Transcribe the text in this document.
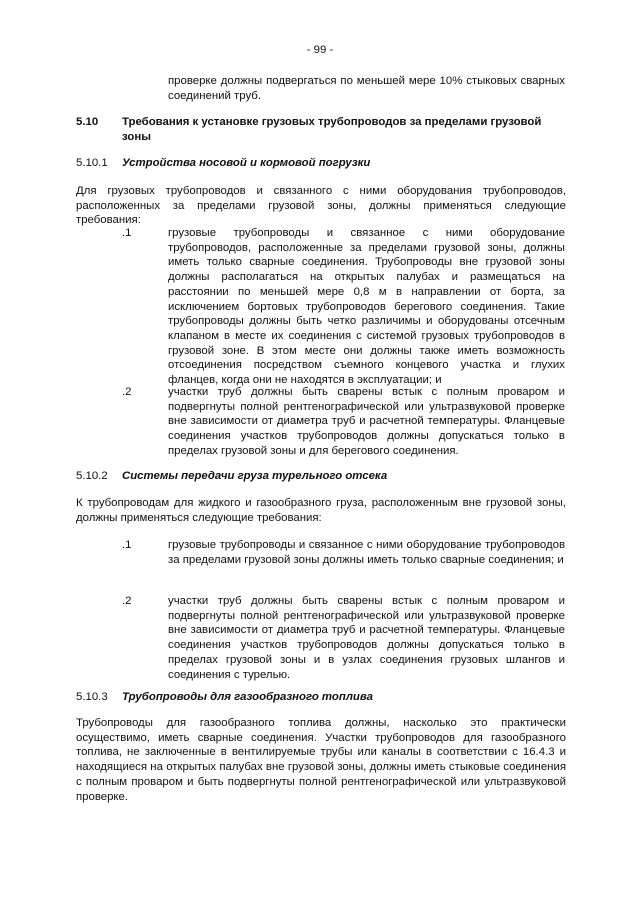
- 99 -
проверке должны подвергаться по меньшей мере 10% стыковых сварных соединений труб.
5.10 Требования к установке грузовых трубопроводов за пределами грузовой зоны
5.10.1 Устройства носовой и кормовой погрузки
Для грузовых трубопроводов и связанного с ними оборудования трубопроводов, расположенных за пределами грузовой зоны, должны применяться следующие требования:
.1	грузовые трубопроводы и связанное с ними оборудование трубопроводов, расположенные за пределами грузовой зоны, должны иметь только сварные соединения. Трубопроводы вне грузовой зоны должны располагаться на открытых палубах и размещаться на расстоянии по меньшей мере 0,8 м в направлении от борта, за исключением бортовых трубопроводов берегового соединения. Такие трубопроводы должны быть четко различимы и оборудованы отсечным клапаном в месте их соединения с системой грузовых трубопроводов в грузовой зоне. В этом месте они должны также иметь возможность отсоединения посредством съемного концевого участка и глухих фланцев, когда они не находятся в эксплуатации; и
.2	участки труб должны быть сварены встык с полным проваром и подвергнуты полной рентгенографической или ультразвуковой проверке вне зависимости от диаметра труб и расчетной температуры. Фланцевые соединения участков трубопроводов должны допускаться только в пределах грузовой зоны и для берегового соединения.
5.10.2 Системы передачи груза турельного отсека
К трубопроводам для жидкого и газообразного груза, расположенным вне грузовой зоны, должны применяться следующие требования:
.1	грузовые трубопроводы и связанное с ними оборудование трубопроводов за пределами грузовой зоны должны иметь только сварные соединения; и
.2	участки труб должны быть сварены встык с полным проваром и подвергнуты полной рентгенографической или ультразвуковой проверке вне зависимости от диаметра труб и расчетной температуры. Фланцевые соединения участков трубопроводов должны допускаться только в пределах грузовой зоны и в узлах соединения грузовых шлангов и соединения с турелью.
5.10.3 Трубопроводы для газообразного топлива
Трубопроводы для газообразного топлива должны, насколько это практически осуществимо, иметь сварные соединения. Участки трубопроводов для газообразного топлива, не заключенные в вентилируемые трубы или каналы в соответствии с 16.4.3 и находящиеся на открытых палубах вне грузовой зоны, должны иметь стыковые соединения с полным проваром и быть подвергнуты полной рентгенографической или ультразвуковой проверке.
